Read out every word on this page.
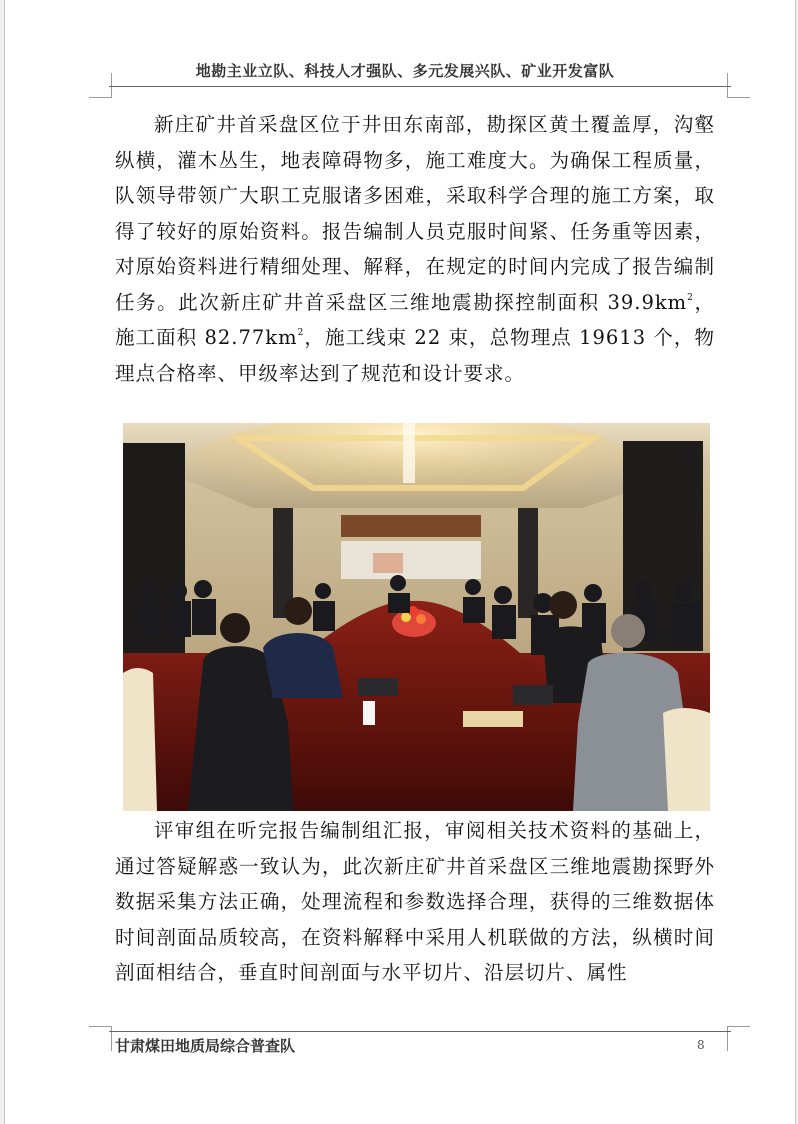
地勘主业立队、科技人才强队、多元发展兴队、矿业开发富队

新庄矿井首采盘区位于井田东南部，勘探区黄土覆盖厚，沟壑纵横，灌木丛生，地表障碍物多，施工难度大。为确保工程质量，队领导带领广大职工克服诸多困难，采取科学合理的施工方案，取得了较好的原始资料。报告编制人员克服时间紧、任务重等因素，对原始资料进行精细处理、解释，在规定的时间内完成了报告编制任务。此次新庄矿井首采盘区三维地震勘探控制面积 $39.9km^2$，施工面积 $82.77km^2$，施工线束 22 束，总物理点 19613 个，物理点合格率、甲级率达到了规范和设计要求。

评审组在听完报告编制组汇报，审阅相关技术资料的基础上，通过答疑解惑一致认为，此次新庄矿井首采盘区三维地震勘探野外数据采集方法正确，处理流程和参数选择合理，获得的三维数据体时间剖面品质较高，在资料解释中采用人机联做的方法，纵横时间剖面相结合，垂直时间剖面与水平切片、沿层切片、属性

甘肃煤田地质局综合普查队	8
